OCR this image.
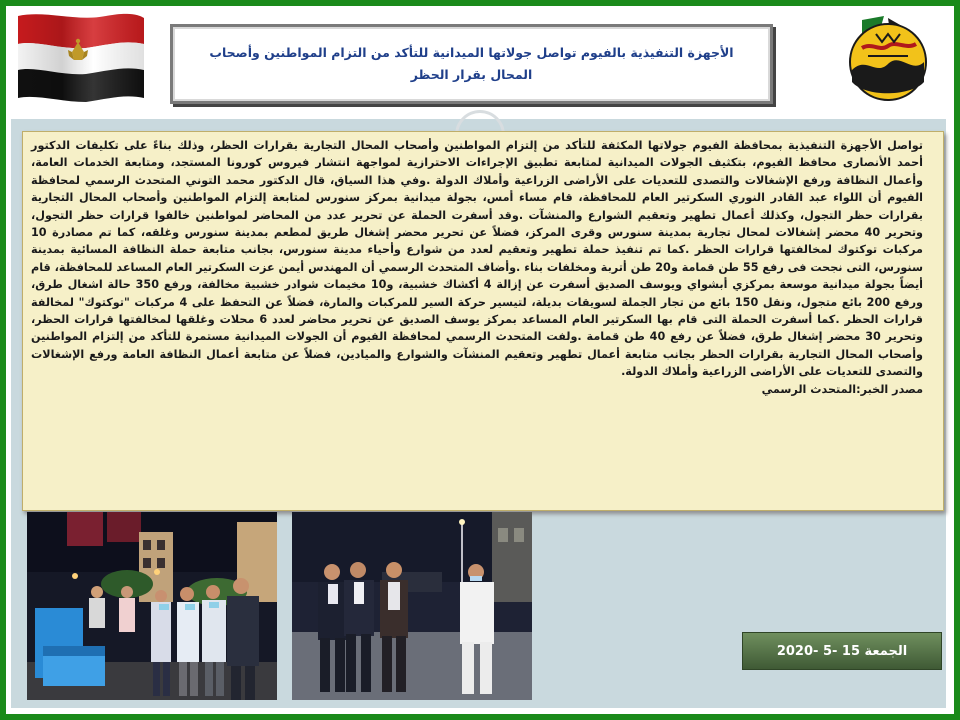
الأجهزة التنفيذية بالفيوم تواصل جولاتها الميدانية للتأكد من التزام المواطنين وأصحاب المحال بقرار الحظر

تواصل الأجهزة التنفيذية بمحافظة الفيوم جولاتها المكثفة للتأكد من إلتزام المواطنين وأصحاب المحال التجارية بقرارات الحظر، وذلك بناءً على تكليفات الدكتور أحمد الأنصارى محافظ الفيوم، بتكثيف الجولات الميدانية لمتابعة تطبيق الإجراءات الاحترازية لمواجهة انتشار فيروس كورونا المستجد، ومتابعة الخدمات العامة، وأعمال النظافة ورفع الإشغالات والتصدى للتعديات على الأراضى الزراعية وأملاك الدولة .وفي هذا السياق، قال الدكتور محمد التوني المتحدث الرسمي لمحافظة الفيوم أن اللواء عبد القادر النوري السكرتير العام للمحافظة، قام مساء أمس، بجولة ميدانية بمركز سنورس لمتابعة إلتزام المواطنين وأصحاب المحال التجارية بقرارات حظر التجول، وكذلك أعمال تطهير وتعقيم الشوارع والمنشآت .وقد أسفرت الحملة عن تحرير عدد من المحاضر لمواطنين خالفوا قرارات حظر التجول، وتحرير 40 محضر إشغالات لمحال تجارية بمدينة سنورس وقرى المركز، فضلاً عن تحرير محضر إشغال طريق لمطعم بمدينة سنورس وغلقه، كما تم مصادرة 10 مركبات توكتوك لمخالفتها قرارات الحظر .كما تم تنفيذ حملة تطهير وتعقيم لعدد من شوارع وأحياء مدينة سنورس، بجانب متابعة حملة النظافة المسائية بمدينة سنورس، التى نجحت فى رفع 55 طن قمامة و20 طن أتربة ومخلفات بناء .وأضاف المتحدث الرسمي أن المهندس أيمن عزت السكرتير العام المساعد للمحافظة، قام أيضاً بجولة ميدانية موسعة بمركزي أبشواي ويوسف الصديق أسفرت عن إزالة 4 أكشاك خشبية، و10 مخيمات شوادر خشبية مخالفة، ورفع 350 حالة اشغال طرق، ورفع 200 بائع متجول، ونقل 150 بائع من تجار الجملة لسويقات بديلة، لتيسير حركة السير للمركبات والمارة، فضلاً عن التحفظ على 4 مركبات "توكتوك" لمخالفة قرارات الحظر .كما أسفرت الحملة التى قام بها السكرتير العام المساعد بمركز يوسف الصديق عن تحرير محاضر لعدد 6 محلات وغلقها لمخالفتها قرارات الحظر، وتحرير 30 محضر إشغال طرق، فضلاً عن رفع 40 طن قمامة .ولفت المتحدث الرسمي لمحافظة الفيوم أن الجولات الميدانية مستمرة للتأكد من إلتزام المواطنين وأصحاب المحال التجارية بقرارات الحظر بجانب متابعة أعمال تطهير وتعقيم المنشآت والشوارع والميادين، فضلاً عن متابعة أعمال النظافة العامة ورفع الإشغالات والتصدى للتعديات على الأراضى الزراعية وأملاك الدولة.

مصدر الخبر:المتحدث الرسمي

الجمعة 15 -5 -2020
